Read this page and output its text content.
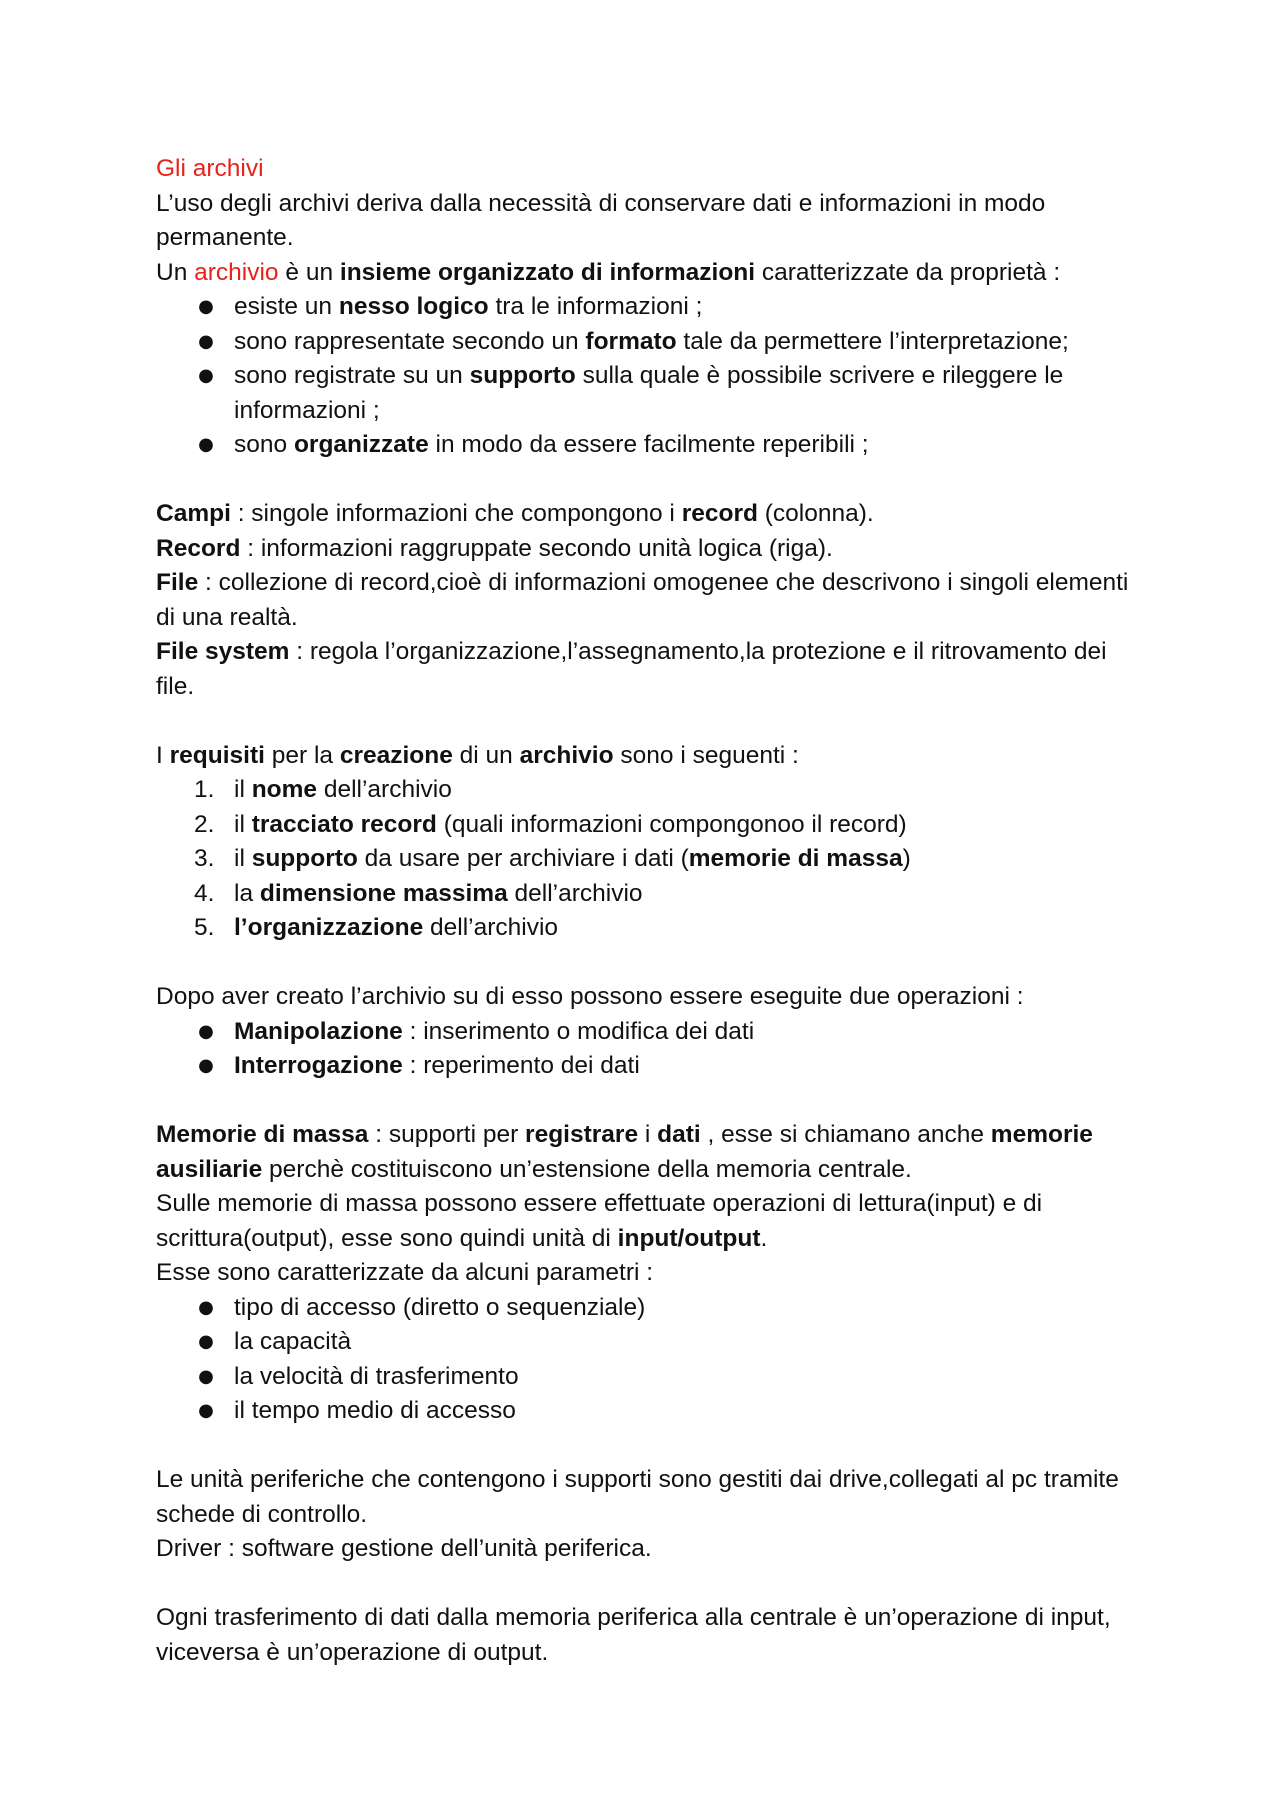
Gli archivi

L’uso degli archivi deriva dalla necessità di conservare dati e informazioni in modo permanente.

Un archivio è un insieme organizzato di informazioni caratterizzate da proprietà :

● esiste un nesso logico tra le informazioni ;
● sono rappresentate secondo un formato tale da permettere l’interpretazione;
● sono registrate su un supporto sulla quale è possibile scrivere e rileggere le informazioni ;
● sono organizzate in modo da essere facilmente reperibili ;

Campi : singole informazioni che compongono i record (colonna).

Record : informazioni raggruppate secondo unità logica (riga).

File : collezione di record,cioè di informazioni omogenee che descrivono i singoli elementi di una realtà.

File system : regola l’organizzazione,l’assegnamento,la protezione e il ritrovamento dei file.

I requisiti per la creazione di un archivio sono i seguenti :

1. il nome dell’archivio
2. il tracciato record (quali informazioni compongonoo il record)
3. il supporto da usare per archiviare i dati (memorie di massa)
4. la dimensione massima dell’archivio
5. l’organizzazione dell’archivio

Dopo aver creato l’archivio su di esso possono essere eseguite due operazioni :

● Manipolazione : inserimento o modifica dei dati
● Interrogazione : reperimento dei dati

Memorie di massa : supporti per registrare i dati , esse si chiamano anche memorie ausiliarie perchè costituiscono un’estensione della memoria centrale.

Sulle memorie di massa possono essere effettuate operazioni di lettura(input) e di scrittura(output), esse sono quindi unità di input/output.

Esse sono caratterizzate da alcuni parametri :

● tipo di accesso (diretto o sequenziale)
● la capacità
● la velocità di trasferimento
● il tempo medio di accesso

Le unità periferiche che contengono i supporti sono gestiti dai drive,collegati al pc tramite schede di controllo.

Driver : software gestione dell’unità periferica.

Ogni trasferimento di dati dalla memoria periferica alla centrale è un’operazione di input, viceversa è un’operazione di output.
